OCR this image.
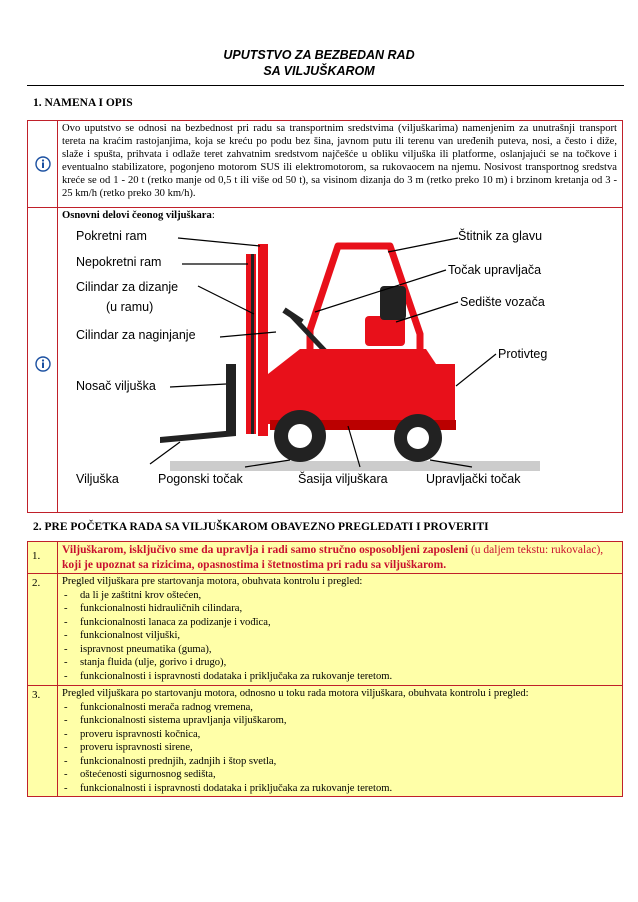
UPUTSTVO ZA BEZBEDAN RAD
SA VILJUŠKAROM
1. NAMENA I OPIS
Ovo uputstvo se odnosi na bezbednost pri radu sa transportnim sredstvima (viljuškarima) namenjenim za unutrašnji transport tereta na kraćim rastojanjima, koja se kreću po podu bez šina, javnom putu ili terenu van uređenih puteva, nosi, a često i diže, slaže i spušta, prihvata i odlaže teret zahvatnim sredstvom najčešće u obliku viljuška ili platforme, oslanjajući se na točkove i eventualno stabilizatore, pogonjeno motorom SUS ili elektromotorom, sa rukovaocem na njemu. Nosivost transportnog sredstva kreće se od 1 - 20 t (retko manje od 0,5 t ili više od 50 t), sa visinom dizanja do 3 m (retko preko 10 m) i brzinom kretanja od 3 - 25 km/h (retko preko 30 km/h).
Osnovni delovi čeonog viljuškara:
Pokretni ram
Nepokretni ram
Cilindar za dizanje
(u ramu)
Cilindar za naginjanje
Nosač viljuška
Viljuška	Pogonski točak	Šasija viljuškara	Upravljački točak
Štitnik za glavu
Točak upravljača
Sedište vozača
Protivteg
2. PRE POČETKA RADA SA VILJUŠKAROM OBAVEZNO PREGLEDATI I PROVERITI
1.	Viljuškarom, isključivo sme da upravlja i radi samo stručno osposobljeni zaposleni (u daljem tekstu: rukovalac), koji je upoznat sa rizicima, opasnostima i štetnostima pri radu sa viljuškarom.
2. Pregled viljuškara pre startovanja motora, obuhvata kontrolu i pregled:
- da li je zaštitni krov oštećen,
- funkcionalnosti hidrauličnih cilindara,
- funkcionalnosti lanaca za podizanje i vođica,
- funkcionalnost viljuški,
- ispravnost pneumatika (guma),
- stanja fluida (ulje, gorivo i drugo),
- funkcionalnosti i ispravnosti dodataka i priključaka za rukovanje teretom.
3. Pregled viljuškara po startovanju motora, odnosno u toku rada motora viljuškara, obuhvata kontrolu i pregled:
- funkcionalnosti merača radnog vremena,
- funkcionalnosti sistema upravljanja viljuškarom,
- proveru ispravnosti kočnica,
- proveru ispravnosti sirene,
- funkcionalnosti prednjih, zadnjih i štop svetla,
- oštećenosti sigurnosnog sedišta,
- funkcionalnosti i ispravnosti dodataka i priključaka za rukovanje teretom.
